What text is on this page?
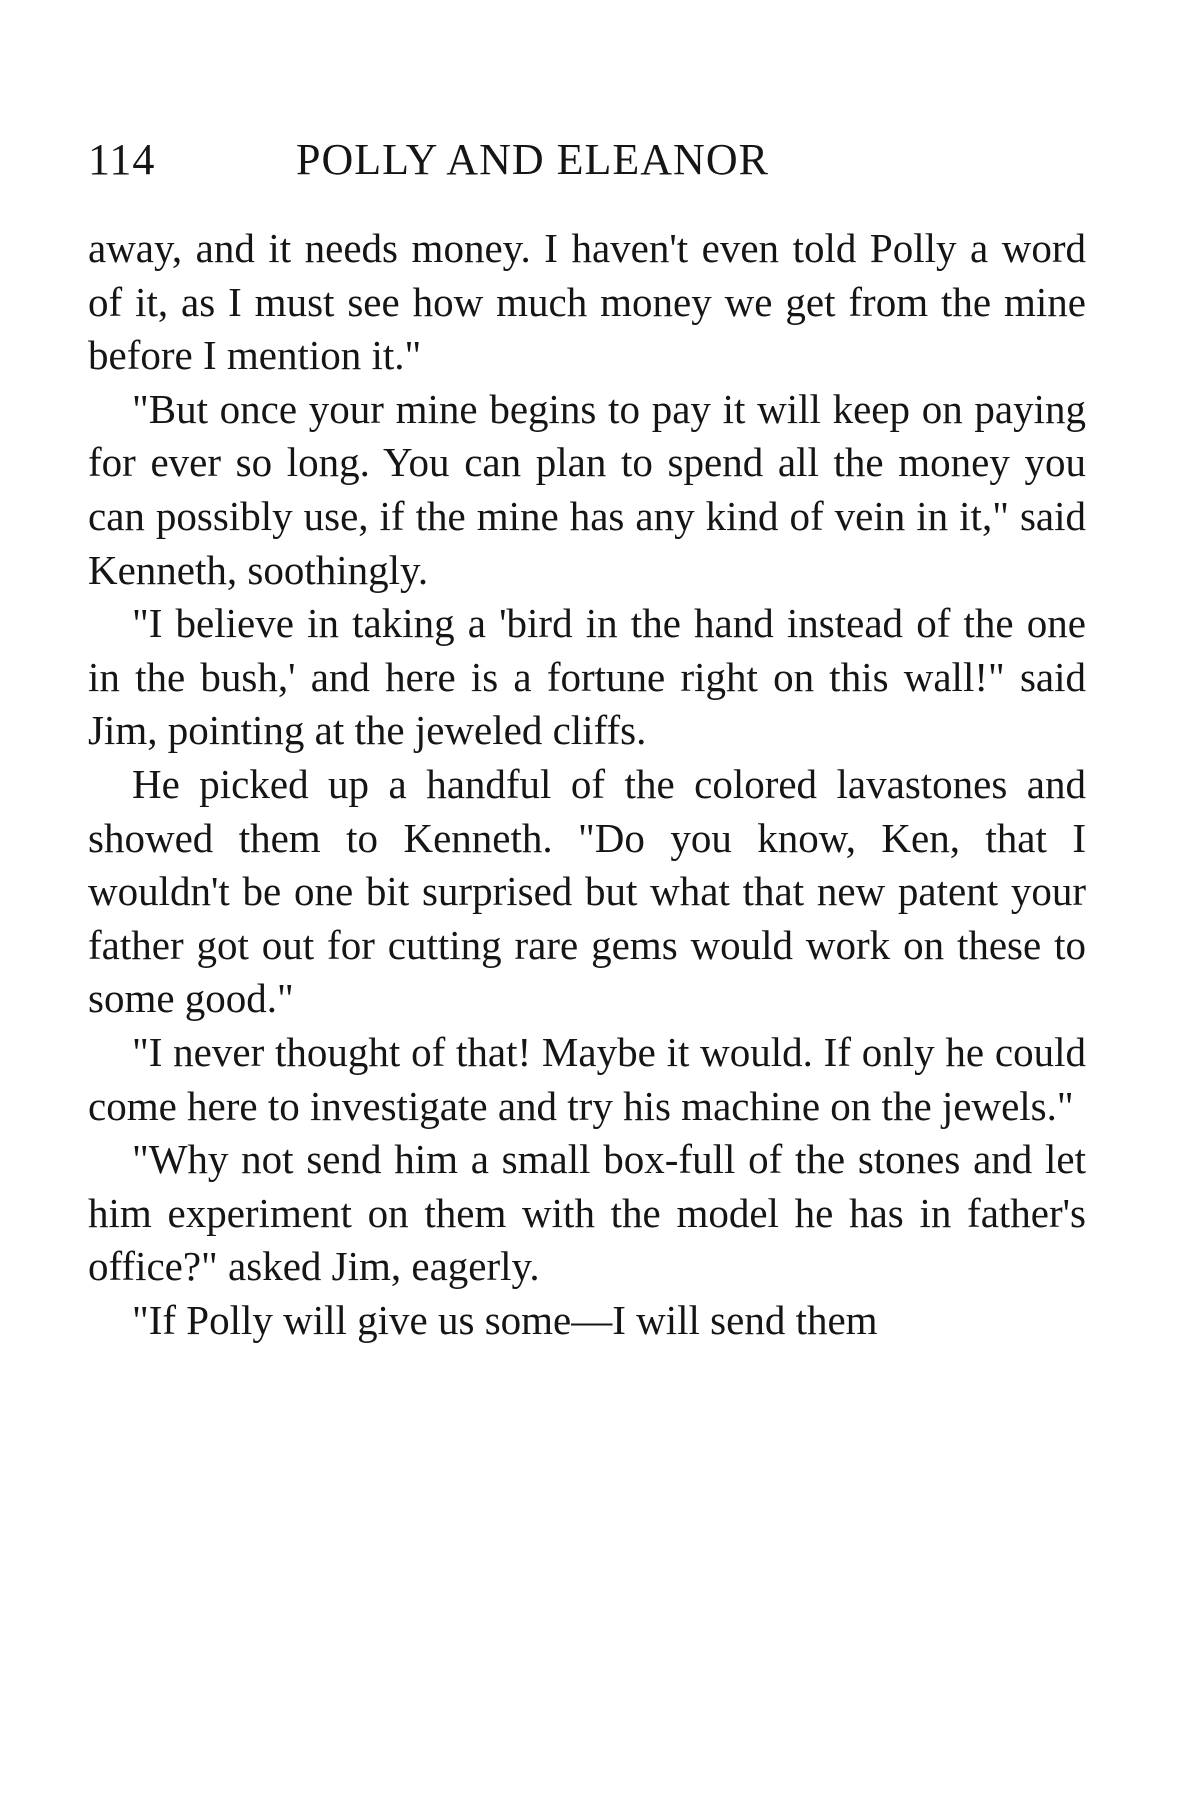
114	POLLY AND ELEANOR

away, and it needs money. I haven't even told Polly a word of it, as I must see how much money we get from the mine before I mention it."

"But once your mine begins to pay it will keep on paying for ever so long. You can plan to spend all the money you can possibly use, if the mine has any kind of vein in it," said Kenneth, soothingly.

"I believe in taking a 'bird in the hand instead of the one in the bush,' and here is a fortune right on this wall!" said Jim, pointing at the jeweled cliffs.

He picked up a handful of the colored lavastones and showed them to Kenneth. "Do you know, Ken, that I wouldn't be one bit surprised but what that new patent your father got out for cutting rare gems would work on these to some good."

"I never thought of that! Maybe it would. If only he could come here to investigate and try his machine on the jewels."

"Why not send him a small box-full of the stones and let him experiment on them with the model he has in father's office?" asked Jim, eagerly.

"If Polly will give us some—I will send them
